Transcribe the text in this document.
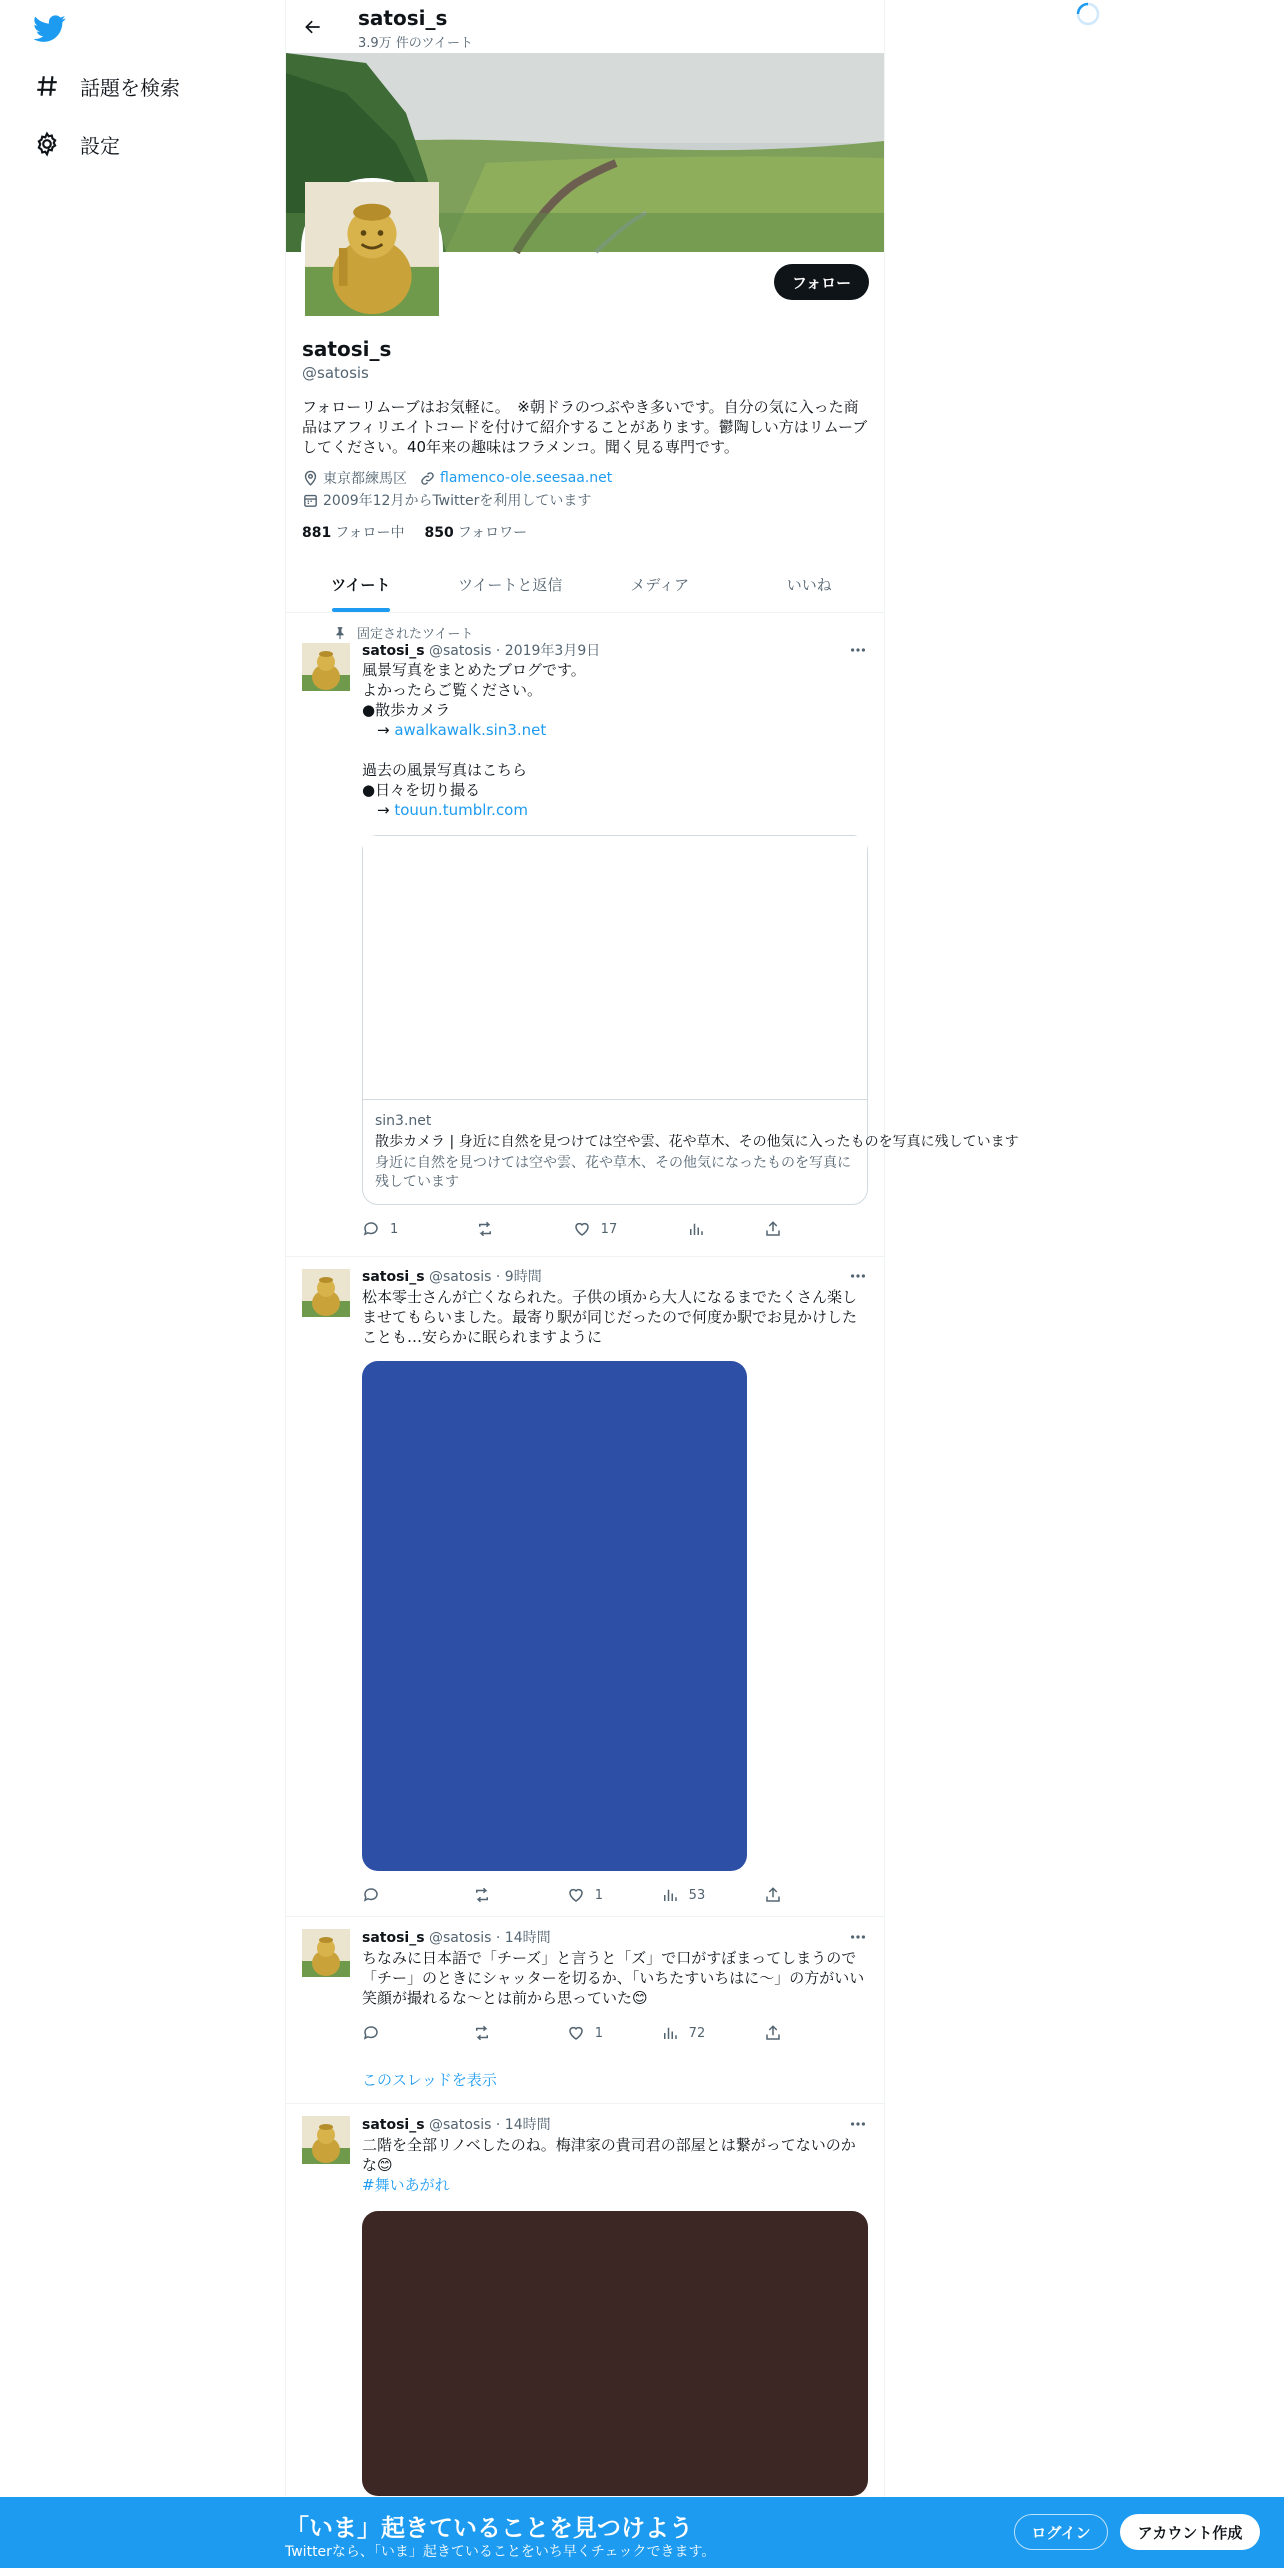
話題を検索
設定
satosi_s
3.9万 件のツイート
フォロー
satosi_s
@satosis
フォローリムーブはお気軽に。　※朝ドラのつぶやき多いです。自分の気に入った商品はアフィリエイトコードを付けて紹介することがあります。鬱陶しい方はリムーブしてください。40年来の趣味はフラメンコ。聞く見る専門です。
東京都練馬区 flamenco-ole.seesaa.net
2009年12月からTwitterを利用しています
881 フォロー中 850 フォロワー
ツイート	ツイートと返信	メディア	いいね
固定されたツイート
satosi_s @satosis · 2019年3月9日
風景写真をまとめたブログです。
よかったらご覧ください。
●散歩カメラ
　→ awalkawalk.sin3.net
過去の風景写真はこちら
●日々を切り撮る
　→ touun.tumblr.com
sin3.net
散歩カメラ | 身近に自然を見つけては空や雲、花や草木、その他気に入ったものを写真に残しています
身近に自然を見つけては空や雲、花や草木、その他気になったものを写真に残しています
1	17
satosi_s @satosis · 9時間
松本零士さんが亡くなられた。子供の頃から大人になるまでたくさん楽しませてもらいました。最寄り駅が同じだったので何度か駅でお見かけしたことも…安らかに眠られますように
1	53
satosi_s @satosis · 14時間
ちなみに日本語で「チーズ」と言うと「ズ」で口がすぼまってしまうので「チー」のときにシャッターを切るか、「いちたすいちはに～」の方がいい笑顔が撮れるな～とは前から思っていた😊
1	72
このスレッドを表示
satosi_s @satosis · 14時間
二階を全部リノベしたのね。梅津家の貴司君の部屋とは繋がってないのかな😊
#舞いあがれ
「いま」起きていることを見つけよう
Twitterなら、「いま」起きていることをいち早くチェックできます。
ログイン	アカウント作成
